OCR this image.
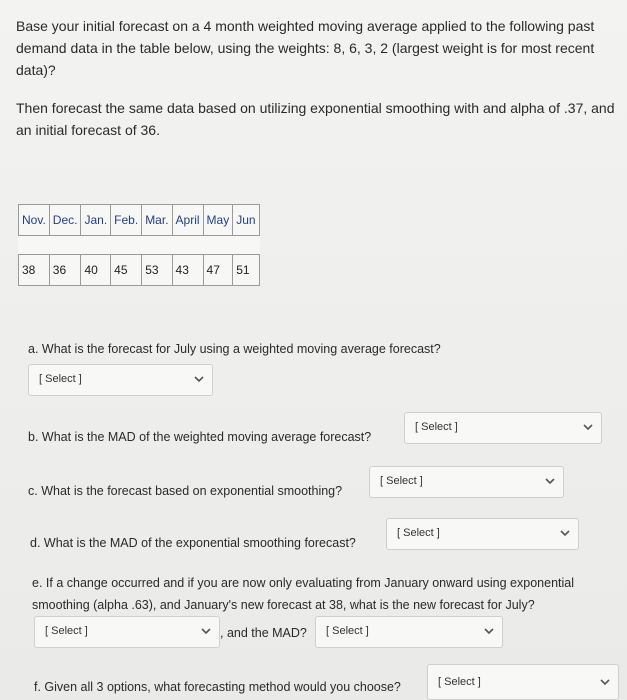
Base your initial forecast on a 4 month weighted moving average applied to the following past demand data in the table below, using the weights: 8, 6, 3, 2 (largest weight is for most recent data)?
Then forecast the same data based on utilizing exponential smoothing with and alpha of .37, and an initial forecast of 36.
Nov.	Dec.	Jan.	Feb.	Mar.	April	May	Jun

38	36	40	45	53	43	47	51
a. What is the forecast for July using a weighted moving average forecast?
[ Select ]
b. What is the MAD of the weighted moving average forecast?
[ Select ]
c. What is the forecast based on exponential smoothing?
[ Select ]
d. What is the MAD of the exponential smoothing forecast?
[ Select ]
e. If a change occurred and if you are now only evaluating from January onward using exponential
smoothing (alpha .63), and January's new forecast at 38, what is the new forecast for July?
[ Select ]	, and the MAD? [ Select ]
f. Given all 3 options, what forecasting method would you choose?	[ Select ]
